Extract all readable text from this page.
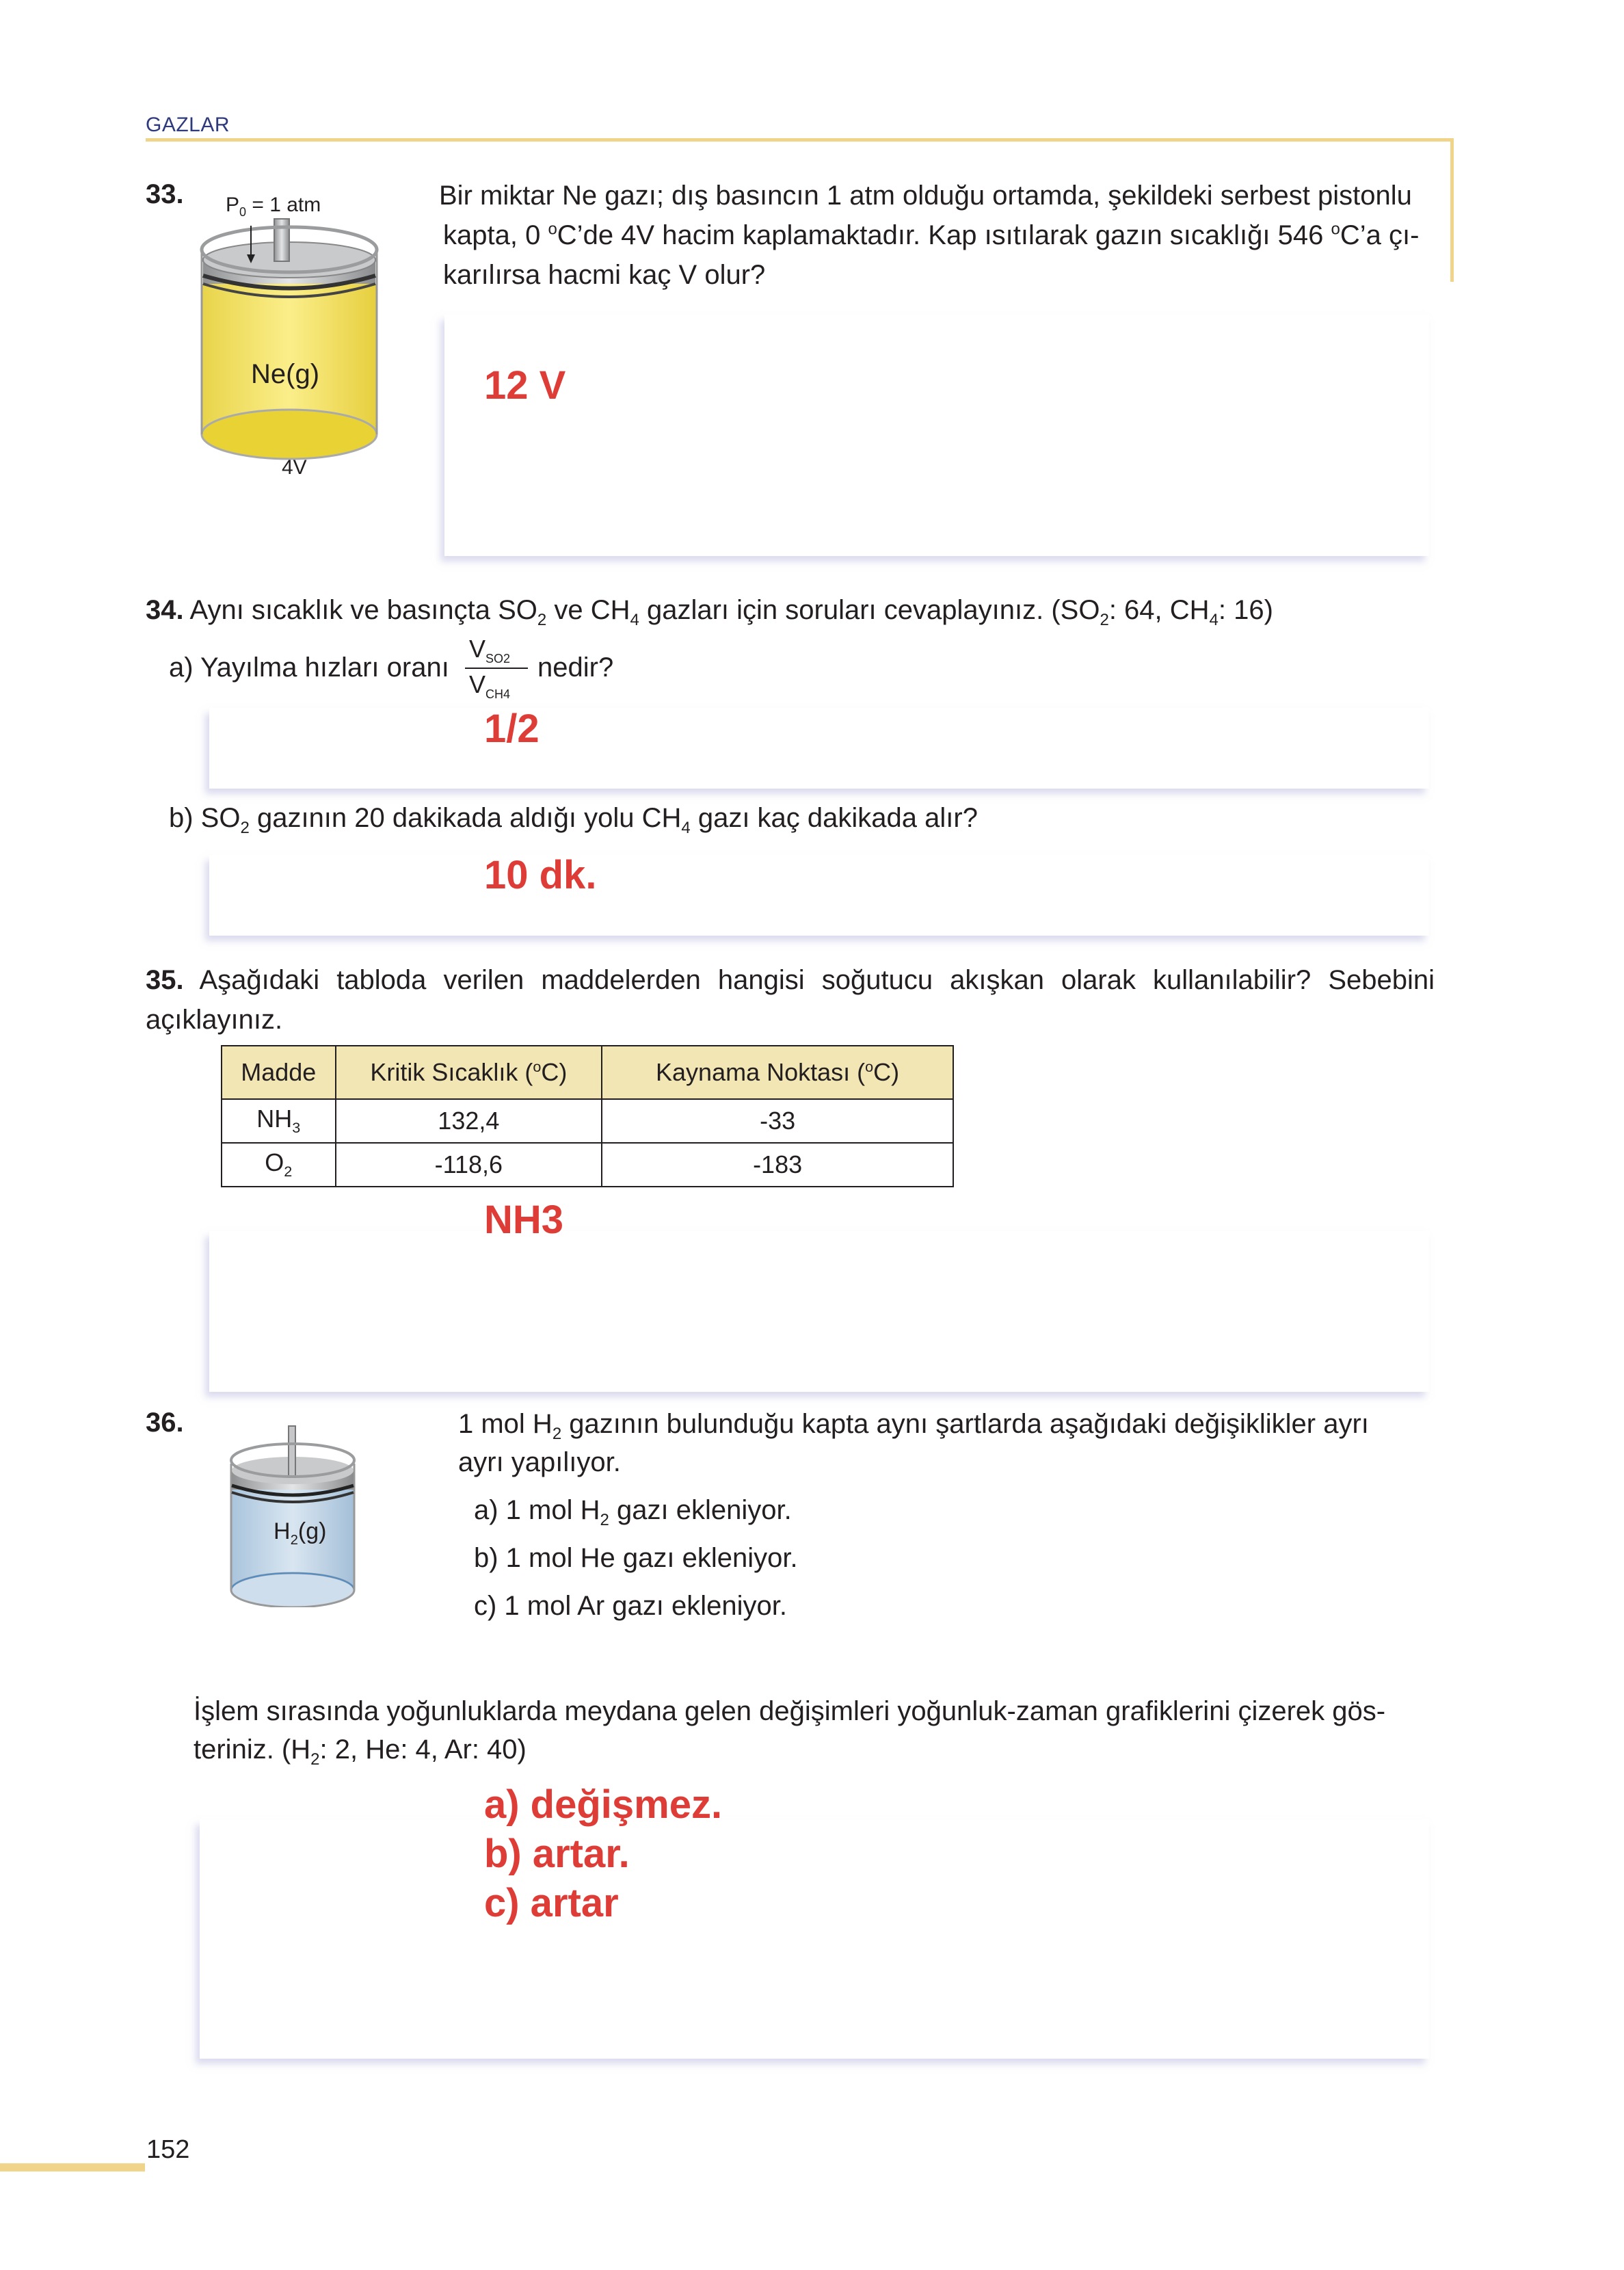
GAZLAR
33. $P_0 = 1$ atm
Ne(g)
4V
Bir miktar Ne gazı; dış basıncın 1 atm olduğu ortamda, şekildeki serbest pistonlu
kapta, 0 $^o$C’de 4V hacim kaplamaktadır. Kap ısıtılarak gazın sıcaklığı 546 $^o$C’a çı-
karılırsa hacmi kaç V olur?
12 V
34. Aynı sıcaklık ve basınçta $SO_2$ ve $CH_4$ gazları için soruları cevaplayınız. ($SO_2$: 64, $CH_4$: 16)
a) Yayılma hızları oranı
$V_{SO2}$
$V_{CH4}$
nedir?
1/2
b) $SO_2$ gazının 20 dakikada aldığı yolu $CH_4$ gazı kaç dakikada alır?
10 dk.
35. Aşağıdaki tabloda verilen maddelerden hangisi soğutucu akışkan olarak kullanılabilir? Sebebini açıklayınız.
Madde	Kritik Sıcaklık ($^o$C)	Kaynama Noktası ($^o$C)
$NH_3$	132,4	-33
$O_2$	-118,6	-183
NH3
36.
$H_2(g)$
1 mol $H_2$ gazının bulunduğu kapta aynı şartlarda aşağıdaki değişiklikler ayrı
ayrı yapılıyor.
a) 1 mol $H_2$ gazı ekleniyor.
b) 1 mol He gazı ekleniyor.
c) 1 mol Ar gazı ekleniyor.
İşlem sırasında yoğunluklarda meydana gelen değişimleri yoğunluk-zaman grafiklerini çizerek gös-
teriniz. ($H_2$: 2, He: 4, Ar: 40)
a) değişmez.
b) artar.
c) artar
152
